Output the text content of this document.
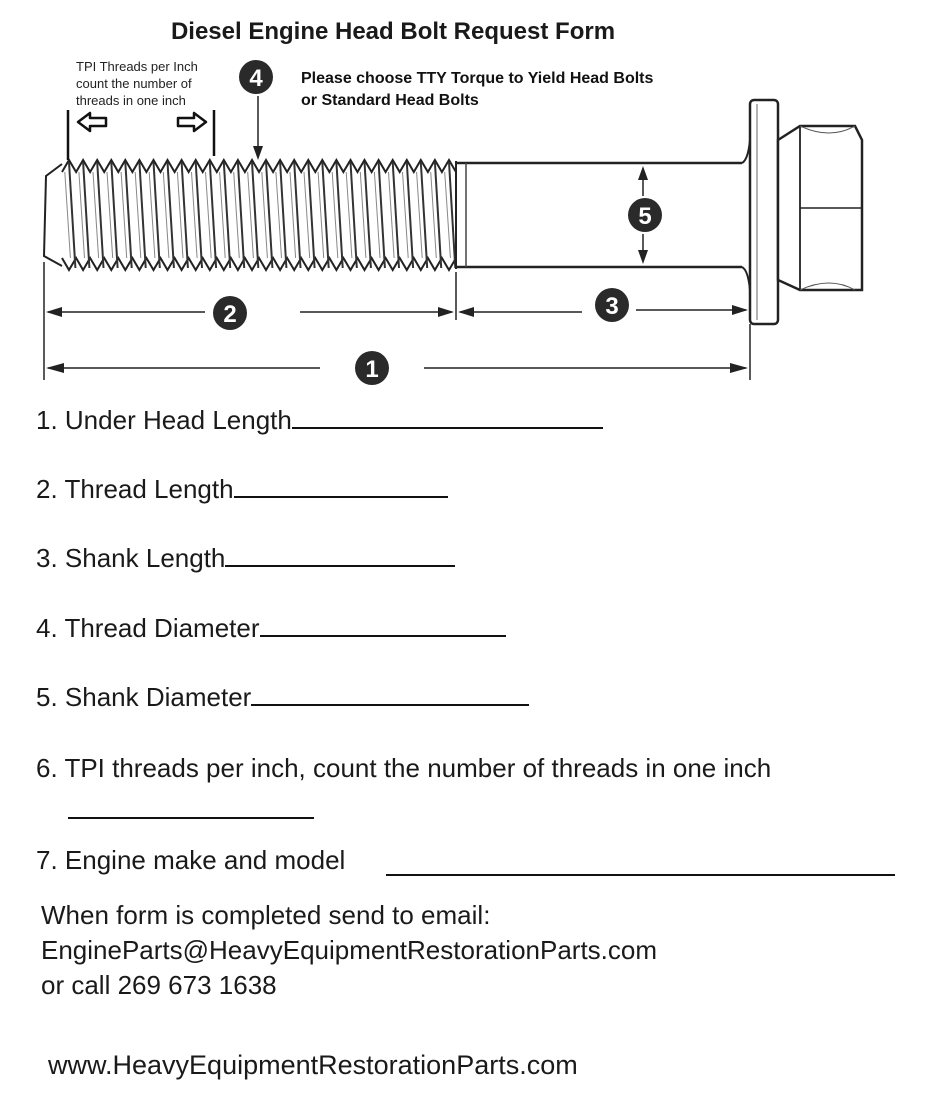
Diesel Engine Head Bolt Request Form
1
2	3
4
5
TPI Threads per Inch
count the number of
threads in one inch
Please choose TTY Torque to Yield Head Bolts
or Standard Head Bolts
1. Under Head Length
2. Thread Length
3. Shank Length
4. Thread Diameter
5. Shank Diameter
6. TPI threads per inch, count the number of threads in one inch
7. Engine make and model
When form is completed send to email:
EngineParts@HeavyEquipmentRestorationParts.com
or call 269 673 1638
www.HeavyEquipmentRestorationParts.com
